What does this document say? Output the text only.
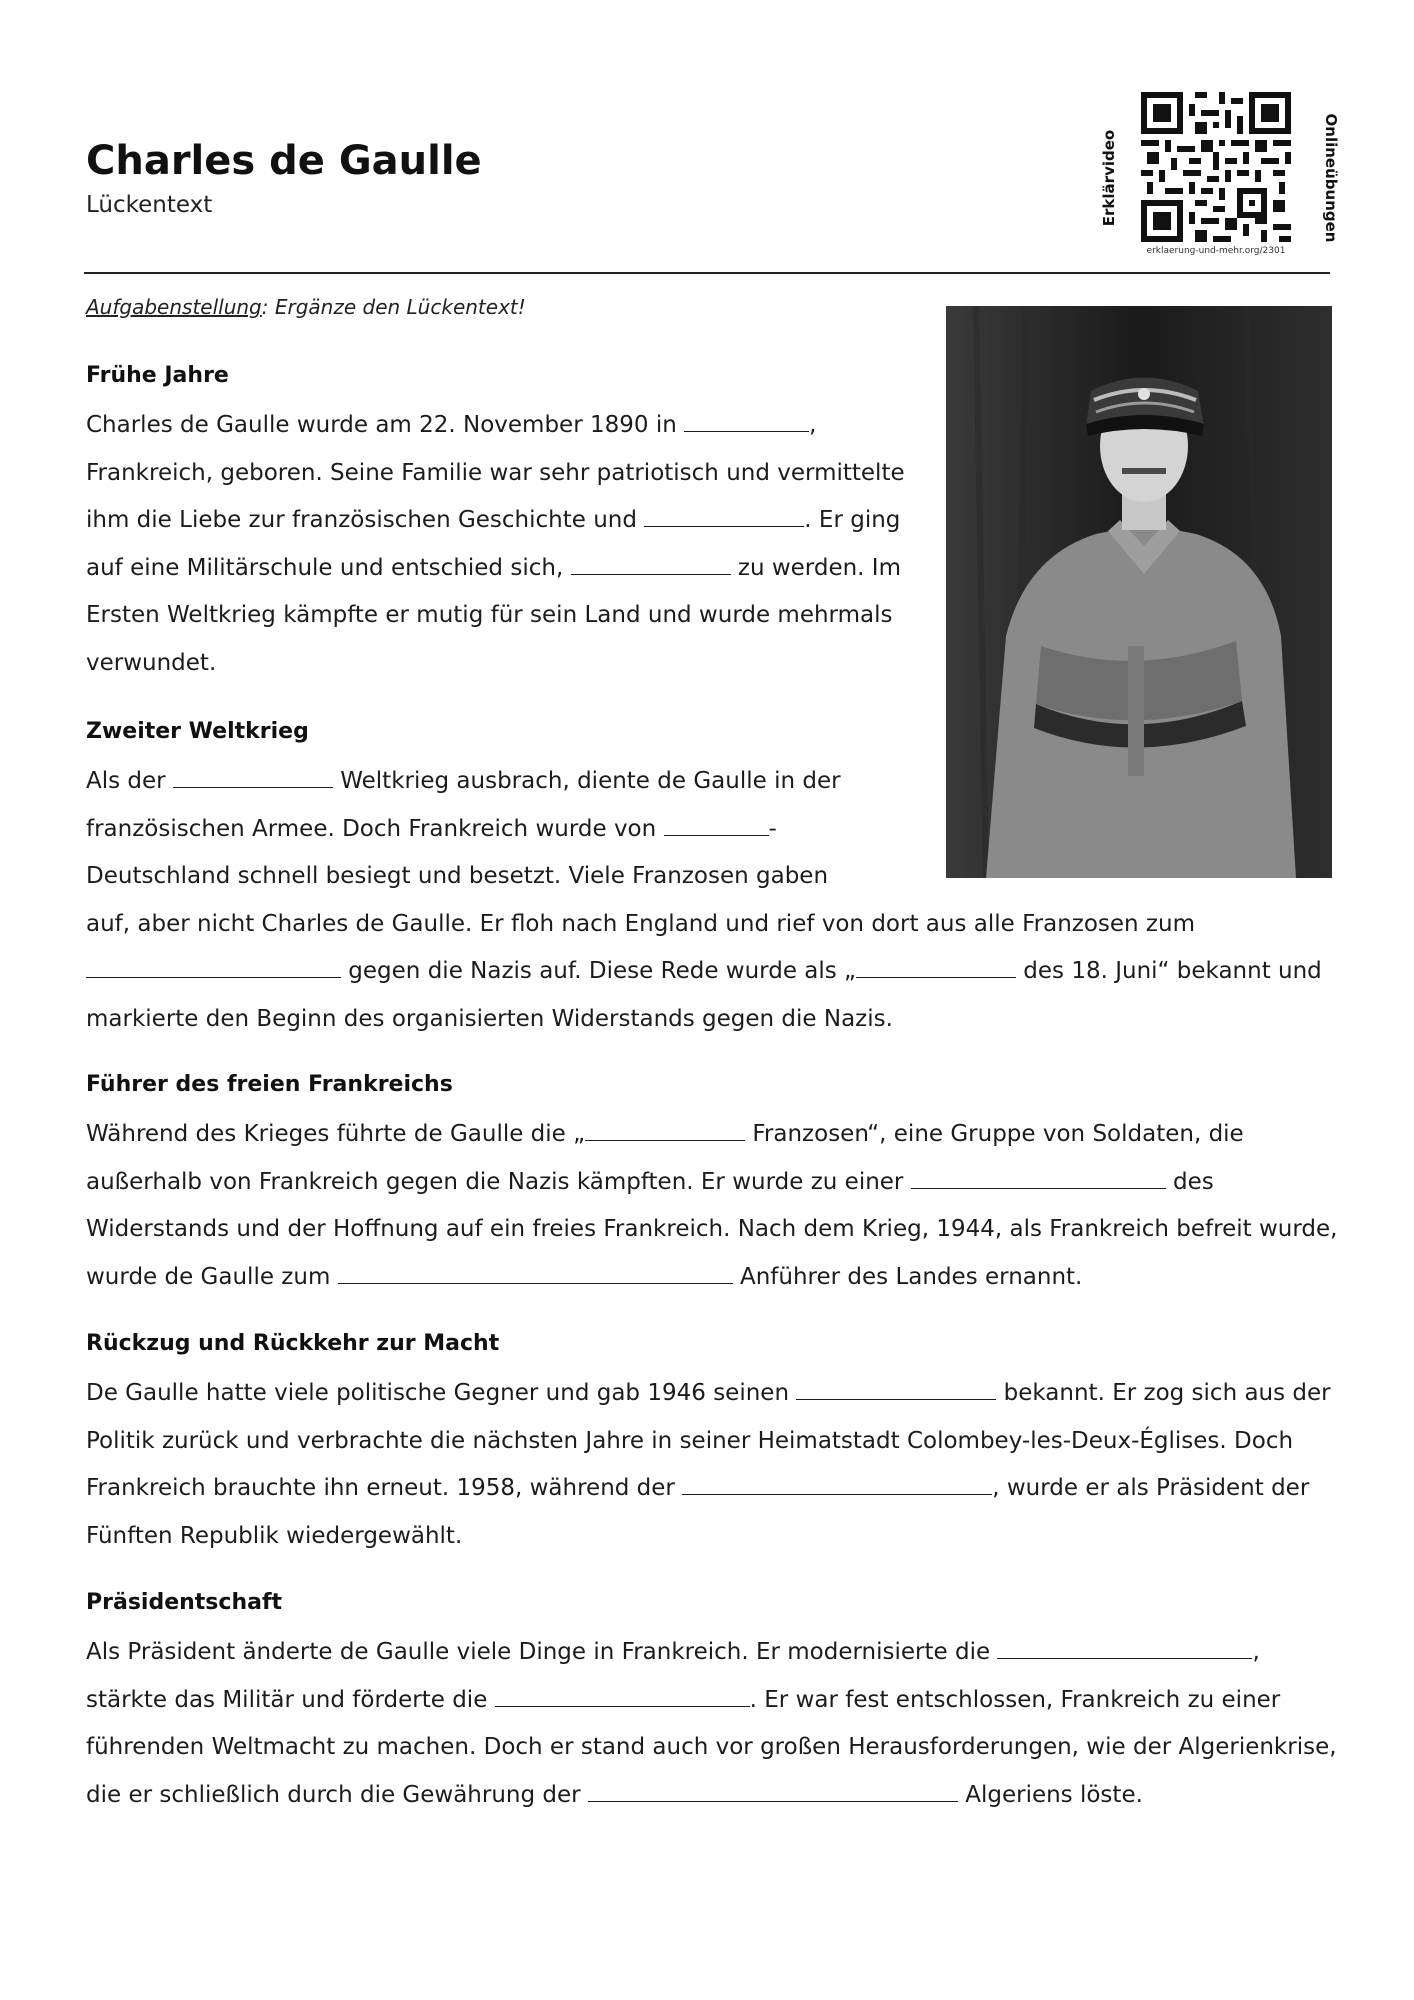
Charles de Gaulle
Lückentext	Erklärvideo
erklaerung-und-mehr.org/2301
Onlineübungen
Aufgabenstellung: Ergänze den Lückentext!
Frühe Jahre

Charles de Gaulle wurde am 22. November 1890 in	, Frankreich, geboren. Seine Familie war sehr patriotisch und vermittelte ihm die Liebe zur französischen Geschichte und	. Er ging auf eine Militärschule und entschied sich,	zu werden. Im Ersten Weltkrieg kämpfte er mutig für sein Land und wurde mehrmals verwundet.

Zweiter Weltkrieg

Als der	Weltkrieg ausbrach, diente de Gaulle in der französischen Armee. Doch Frankreich wurde von	-Deutschland schnell besiegt und besetzt. Viele Franzosen gaben
auf, aber nicht Charles de Gaulle. Er floh nach England und rief von dort aus alle Franzosen zum  gegen die Nazis auf. Diese Rede wurde als „	des 18. Juni“ bekannt und markierte den Beginn des organisierten Widerstands gegen die Nazis.

Führer des freien Frankreichs

Während des Krieges führte de Gaulle die „	Franzosen“, eine Gruppe von Soldaten, die außerhalb von Frankreich gegen die Nazis kämpften. Er wurde zu einer	des Widerstands und der Hoffnung auf ein freies Frankreich. Nach dem Krieg, 1944, als Frankreich befreit wurde, wurde de Gaulle zum	Anführer des Landes ernannt.

Rückzug und Rückkehr zur Macht

De Gaulle hatte viele politische Gegner und gab 1946 seinen	bekannt. Er zog sich aus der Politik zurück und verbrachte die nächsten Jahre in seiner Heimatstadt Colombey-les-Deux-Églises. Doch Frankreich brauchte ihn erneut. 1958, während der	, wurde er als Präsident der Fünften Republik wiedergewählt.

Präsidentschaft

Als Präsident änderte de Gaulle viele Dinge in Frankreich. Er modernisierte die	, stärkte das Militär und förderte die	. Er war fest entschlossen, Frankreich zu einer führenden Weltmacht zu machen. Doch er stand auch vor großen Herausforderungen, wie der Algerienkrise, die er schließlich durch die Gewährung der	Algeriens löste.
